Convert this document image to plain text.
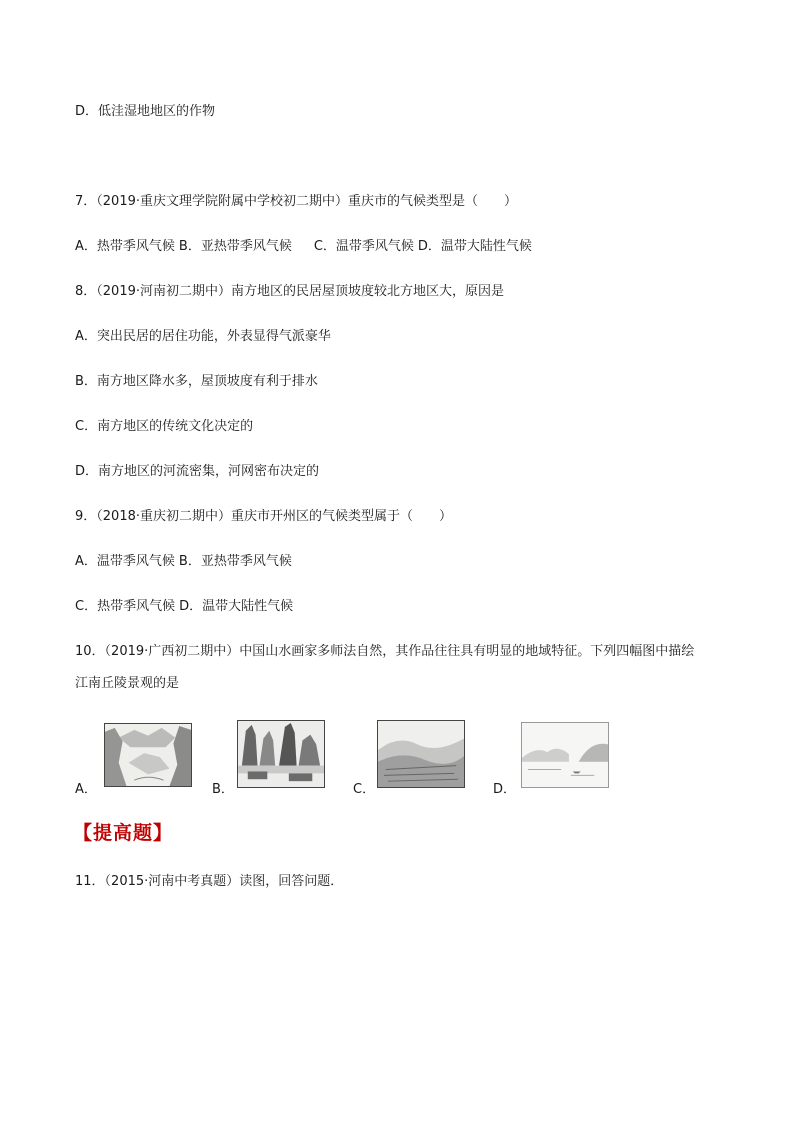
D．低洼湿地地区的作物
7．（2019·重庆文理学院附属中学校初二期中）重庆市的气候类型是（　　）
A．热带季风气候 B．亚热带季风气候 C．温带季风气候 D．温带大陆性气候
8．（2019·河南初二期中）南方地区的民居屋顶坡度较北方地区大，原因是
A．突出民居的居住功能，外表显得气派豪华
B．南方地区降水多，屋顶坡度有利于排水
C．南方地区的传统文化决定的
D．南方地区的河流密集，河网密布决定的
9．（2018·重庆初二期中）重庆市开州区的气候类型属于（　　）
A．温带季风气候 B．亚热带季风气候
C．热带季风气候 D．温带大陆性气候
10．（2019·广西初二期中）中国山水画家多师法自然，其作品往往具有明显的地域特征。下列四幅图中描绘
江南丘陵景观的是
A．	B．	C．	D．
【提高题】
11．（2015·河南中考真题）读图，回答问题．
